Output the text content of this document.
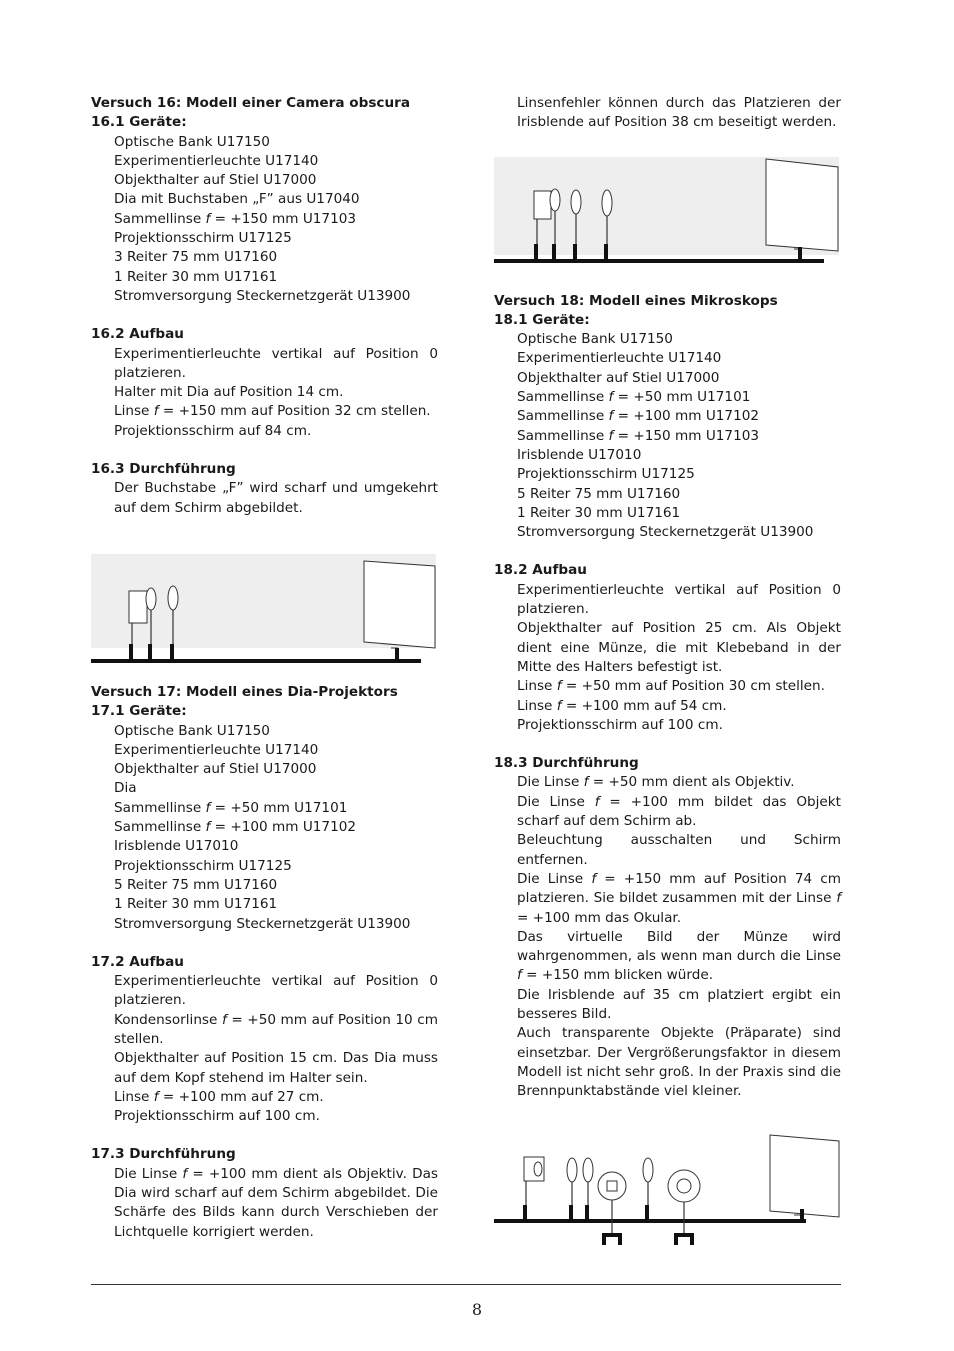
Versuch 16: Modell einer Camera obscura

16.1 Geräte:

Optische Bank U17150

Experimentierleuchte U17140

Objekthalter auf Stiel U17000

Dia mit Buchstaben „F” aus U17040

Sammellinse f = +150 mm U17103

Projektionsschirm U17125

3 Reiter 75 mm U17160

1 Reiter 30 mm U17161

Stromversorgung Steckernetzgerät U13900

16.2 Aufbau

Experimentierleuchte vertikal auf Position 0 platzieren.

Halter mit Dia auf Position 14 cm.

Linse f = +150 mm auf Position 32 cm stellen.

Projektionsschirm auf 84 cm.

16.3 Durchführung

Der Buchstabe „F” wird scharf und umgekehrt auf dem Schirm abgebildet.

Versuch 17: Modell eines Dia-Projektors

17.1 Geräte:

Optische Bank U17150

Experimentierleuchte U17140

Objekthalter auf Stiel U17000

Dia

Sammellinse f = +50 mm U17101

Sammellinse f = +100 mm U17102

Irisblende U17010

Projektionsschirm U17125

5 Reiter 75 mm U17160

1 Reiter 30 mm U17161

Stromversorgung Steckernetzgerät U13900

17.2 Aufbau

Experimentierleuchte vertikal auf Position 0 platzieren.

Kondensorlinse f = +50 mm auf Position 10 cm stellen.

Objekthalter auf Position 15 cm. Das Dia muss auf dem Kopf stehend im Halter sein.

Linse f = +100 mm auf 27 cm.

Projektionsschirm auf 100 cm.

17.3 Durchführung

Die Linse f = +100 mm dient als Objektiv. Das Dia wird scharf auf dem Schirm abgebildet. Die Schärfe des Bilds kann durch Verschieben der Lichtquelle korrigiert werden.

Linsenfehler können durch das Platzieren der Irisblende auf Position 38 cm beseitigt werden.

Versuch 18: Modell eines Mikroskops

18.1 Geräte:

Optische Bank U17150

Experimentierleuchte U17140

Objekthalter auf Stiel U17000

Sammellinse f = +50 mm U17101

Sammellinse f = +100 mm U17102

Sammellinse f = +150 mm U17103

Irisblende U17010

Projektionsschirm U17125

5 Reiter 75 mm U17160

1 Reiter 30 mm U17161

Stromversorgung Steckernetzgerät U13900

18.2 Aufbau

Experimentierleuchte vertikal auf Position 0 platzieren.

Objekthalter auf Position 25 cm. Als Objekt dient eine Münze, die mit Klebeband in der Mitte des Halters befestigt ist.

Linse f = +50 mm auf Position 30 cm stellen.

Linse f = +100 mm auf 54 cm.

Projektionsschirm auf 100 cm.

18.3 Durchführung

Die Linse f = +50 mm dient als Objektiv.

Die Linse f = +100 mm bildet das Objekt scharf auf dem Schirm ab.

Beleuchtung ausschalten und Schirm entfernen.

Die Linse f = +150 mm auf Position 74 cm platzieren. Sie bildet zusammen mit der Linse f = +100 mm das Okular.

Das virtuelle Bild der Münze wird wahrgenommen, als wenn man durch die Linse f = +150 mm blicken würde.

Die Irisblende auf 35 cm platziert ergibt ein besseres Bild.

Auch transparente Objekte (Präparate) sind einsetzbar. Der Vergrößerungsfaktor in diesem Modell ist nicht sehr groß. In der Praxis sind die Brennpunktabstände viel kleiner.

8
